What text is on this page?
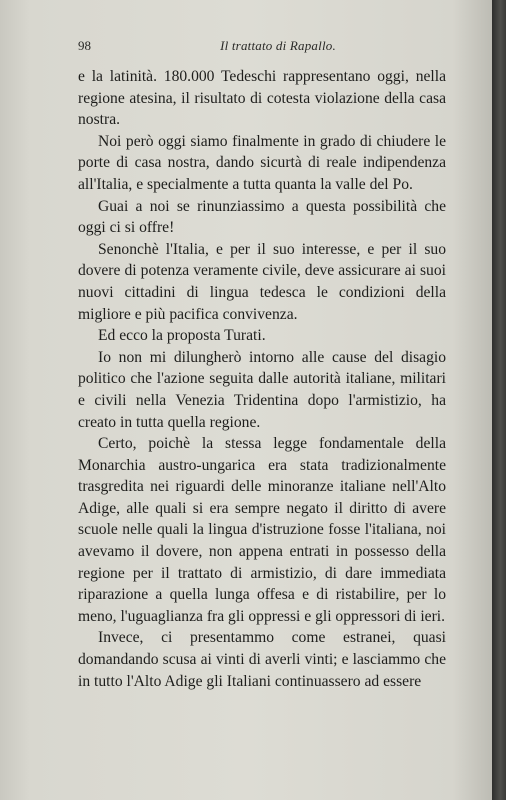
98	Il trattato di Rapallo.

e la latinità. 180.000 Tedeschi rappresentano oggi, nella regione atesina, il risultato di cotesta violazione della casa nostra.

Noi però oggi siamo finalmente in grado di chiudere le porte di casa nostra, dando sicurtà di reale indipendenza all'Italia, e specialmente a tutta quanta la valle del Po.

Guai a noi se rinunziassimo a questa possibilità che oggi ci si offre!

Senonchè l'Italia, e per il suo interesse, e per il suo dovere di potenza veramente civile, deve assicurare ai suoi nuovi cittadini di lingua tedesca le condizioni della migliore e più pacifica convivenza.

Ed ecco la proposta Turati.

Io non mi dilungherò intorno alle cause del disagio politico che l'azione seguita dalle autorità italiane, militari e civili nella Venezia Tridentina dopo l'armistizio, ha creato in tutta quella regione.

Certo, poichè la stessa legge fondamentale della Monarchia austro-ungarica era stata tradizionalmente trasgredita nei riguardi delle minoranze italiane nell'Alto Adige, alle quali si era sempre negato il diritto di avere scuole nelle quali la lingua d'istruzione fosse l'italiana, noi avevamo il dovere, non appena entrati in possesso della regione per il trattato di armistizio, di dare immediata riparazione a quella lunga offesa e di ristabilire, per lo meno, l'uguaglianza fra gli oppressi e gli oppressori di ieri.

Invece, ci presentammo come estranei, quasi domandando scusa ai vinti di averli vinti; e lasciammo che in tutto l'Alto Adige gli Italiani continuassero ad essere
